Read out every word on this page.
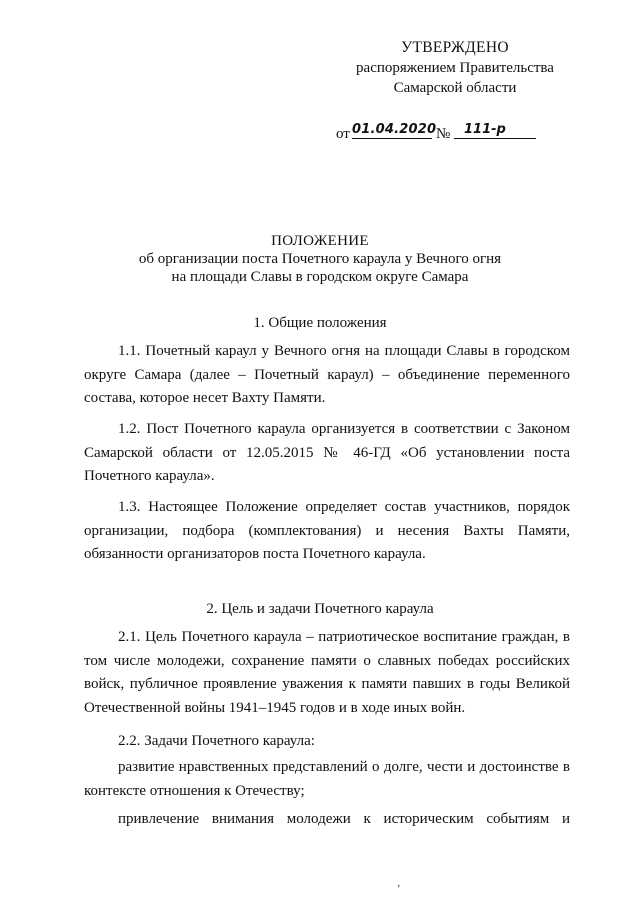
УТВЕРЖДЕНО
распоряжением Правительства
Самарской области
от 01.04.2020 №	111-р
ПОЛОЖЕНИЕ
об организации поста Почетного караула у Вечного огня
на площади Славы в городском округе Самара
1. Общие положения

1.1. Почетный караул у Вечного огня на площади Славы в городском округе Самара (далее – Почетный караул) – объединение переменного состава, которое несет Вахту Памяти.

1.2. Пост Почетного караула организуется в соответствии с Законом Самарской области от 12.05.2015 № 46-ГД «Об установлении поста Почетного караула».

1.3. Настоящее Положение определяет состав участников, порядок организации, подбора (комплектования) и несения Вахты Памяти, обязанности организаторов поста Почетного караула.

2. Цель и задачи Почетного караула

2.1. Цель Почетного караула – патриотическое воспитание граждан, в том числе молодежи, сохранение памяти о славных победах российских войск, публичное проявление уважения к памяти павших в годы Великой Отечественной войны 1941–1945 годов и в ходе иных войн.

2.2. Задачи Почетного караула:

развитие нравственных представлений о долге, чести и достоинстве в контексте отношения к Отечеству;

привлечение внимания молодежи к историческим событиям и

’
